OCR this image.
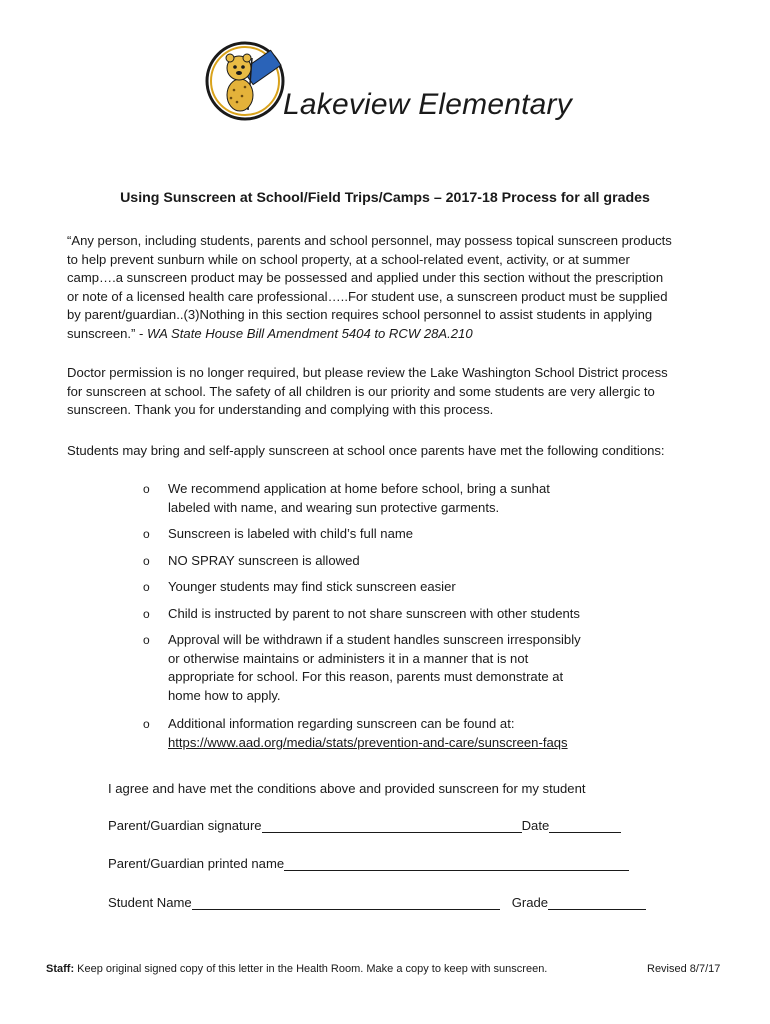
Lakeview Elementary
Using Sunscreen at School/Field Trips/Camps – 2017-18 Process for all grades
“Any person, including students, parents and school personnel, may possess topical sunscreen products
to help prevent sunburn while on school property, at a school-related event, activity, or at summer
camp….a sunscreen product may be possessed and applied under this section without the prescription
or note of a licensed health care professional…..For student use, a sunscreen product must be supplied
by parent/guardian..(3)Nothing in this section requires school personnel to assist students in applying
sunscreen.” - WA State House Bill Amendment 5404 to RCW 28A.210
Doctor permission is no longer required, but please review the Lake Washington School District process
for sunscreen at school. The safety of all children is our priority and some students are very allergic to
sunscreen. Thank you for understanding and complying with this process.
Students may bring and self-apply sunscreen at school once parents have met the following conditions:
o We recommend application at home before school, bring a sunhat
labeled with name, and wearing sun protective garments.
o Sunscreen is labeled with child’s full name
o NO SPRAY sunscreen is allowed
o Younger students may find stick sunscreen easier
o Child is instructed by parent to not share sunscreen with other students
o Approval will be withdrawn if a student handles sunscreen irresponsibly
or otherwise maintains or administers it in a manner that is not
appropriate for school. For this reason, parents must demonstrate at
home how to apply.
o Additional information regarding sunscreen can be found at:
https://www.aad.org/media/stats/prevention-and-care/sunscreen-faqs
I agree and have met the conditions above and provided sunscreen for my student
Parent/Guardian signature	Date
Parent/Guardian printed name
Student Name	Grade
Staff: Keep original signed copy of this letter in the Health Room. Make a copy to keep with sunscreen.	Revised 8/7/17
